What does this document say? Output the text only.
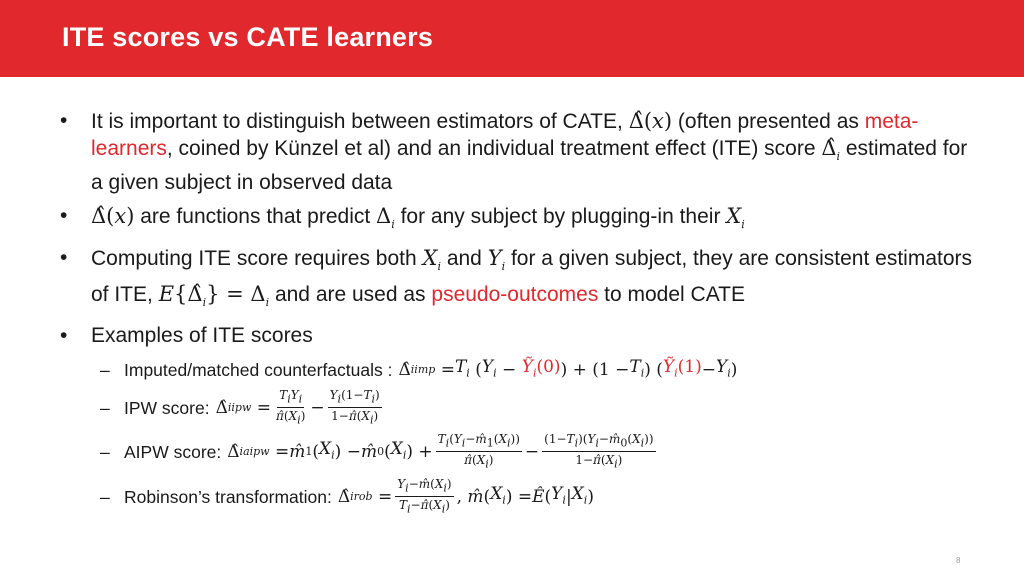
ITE scores vs CATE learners
• It is important to distinguish between estimators of CATE, Δ̂(x) (often presented as meta-learners, coined by Künzel et al) and an individual treatment effect (ITE) score $\Deltâ_i$ estimated for a given subject in observed data
• Δ̂(x) are functions that predict $\Delta_i$ for any subject by plugging-in their $X_i$
• Computing ITE score requires both $X_i$ and $Y_i$ for a given subject, they are consistent estimators of ITE, $E\{\Deltâ_i\} = \Delta_i$ and are used as pseudo-outcomes to model CATE
• Examples of ITE scores
– Imputed/matched counterfactuals : Δ̂ i imp = $T_i$ ( $Y_i$ − Ỹ$_i$(0) ) + ($1 - T_i$ ) ( Ỹ$_i$(1) − $Y_i$ )
– IPW score: Δ̂ i ipw = $\frac{T_iY_i}{\pî(X_i)} - \frac{Y_i(1-T_i)}{1-\pî(X_i)}$
– AIPW score: Δ̂ i aipw = m̂ 1 ( $X_i$ ) − m̂ 0 ( $X_i$ ) + $\frac{T_i(Y_i-m̂_1(X_i))}{\pî(X_i)} - \frac{(1-T_i)(Y_i-m̂_0(X_i))}{1-\pî(X_i)}$
– Robinson’s transformation: Δ̂ i rob = $\frac{Y_i-m̂(X_i)}{T_i-\pî(X_i)}$ , m̂ ( $X_i$ ) = Ê ( $Y_i$ | $X_i$ )
8
